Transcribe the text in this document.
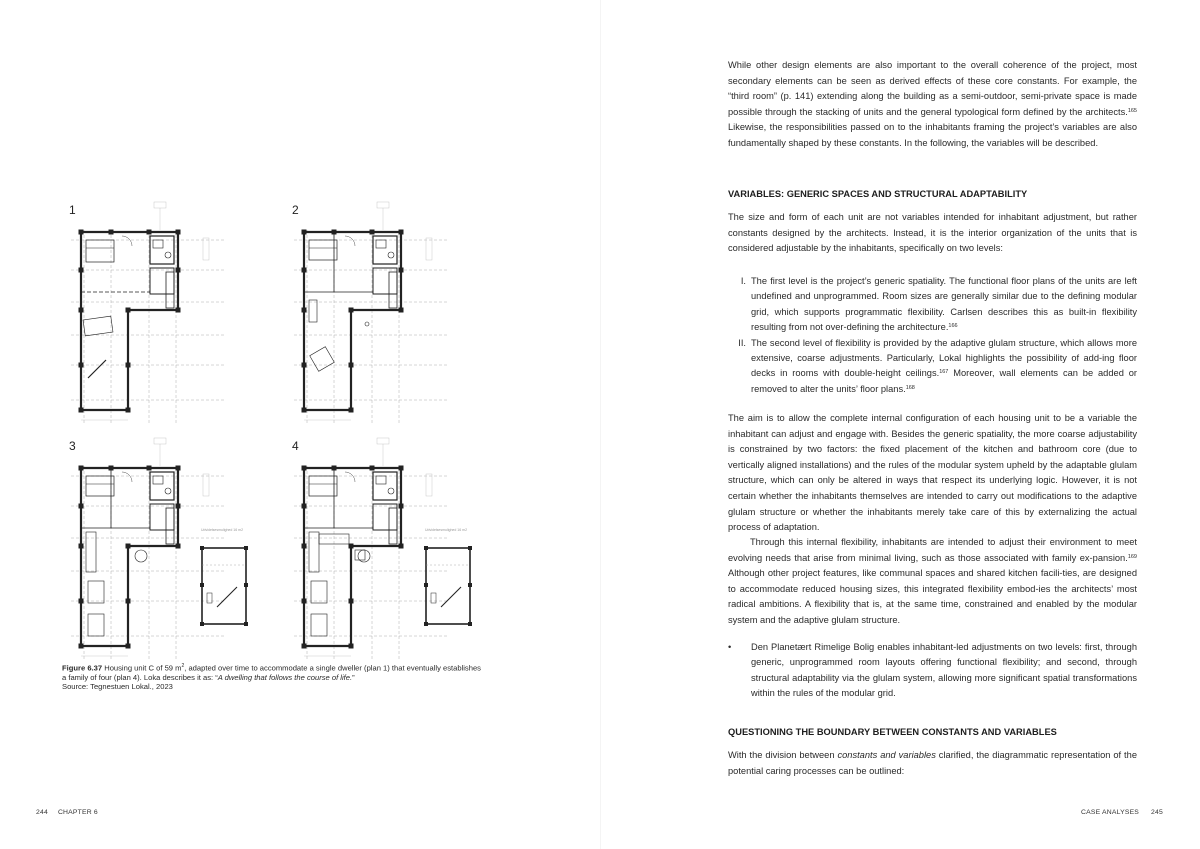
1	2
3	4
Udvidelsesmulighed 16 m2	Udvidelsesmulighed 16 m2
Figure 6.37 Housing unit C of 59 $m^2$, adapted over time to accommodate a single dweller (plan 1) that eventually establishes a family of four (plan 4). Loka describes it as: “A dwelling that follows the course of life.”
Source: Tegnestuen Lokal., 2023
244 CHAPTER 6

While other design elements are also important to the overall coherence of the project, most secondary elements can be seen as derived effects of these core constants. For example, the “third room” (p. 141) extending along the building as a semi-outdoor, semi-private space is made possible through the stacking of units and the general typological form defined by the architects.$^{165}$ Likewise, the responsibilities passed on to the inhabitants framing the project’s variables are also fundamentally shaped by these constants. In the following, the variables will be described.

VARIABLES: GENERIC SPACES AND STRUCTURAL ADAPTABILITY

The size and form of each unit are not variables intended for inhabitant adjustment, but rather constants designed by the architects. Instead, it is the interior organization of the units that is considered adjustable by the inhabitants, specifically on two levels:

I. The first level is the project’s generic spatiality. The functional floor plans of the units are left undefined and unprogrammed. Room sizes are generally similar due to the defining modular grid, which supports programmatic flexibility. Carlsen describes this as built-in flexibility resulting from not over-defining the architecture.$^{166}$
II. The second level of flexibility is provided by the adaptive glulam structure, which allows more extensive, coarse adjustments. Particularly, Lokal highlights the possibility of add-ing floor decks in rooms with double-height ceilings.$^{167}$ Moreover, wall elements can be added or removed to alter the units’ floor plans.$^{168}$

The aim is to allow the complete internal configuration of each housing unit to be a variable the inhabitant can adjust and engage with. Besides the generic spatiality, the more coarse adjustability is constrained by two factors: the fixed placement of the kitchen and bathroom core (due to vertically aligned installations) and the rules of the modular system upheld by the adaptable glulam structure, which can only be altered in ways that respect its underlying logic. However, it is not certain whether the inhabitants themselves are intended to carry out modifications to the adaptive glulam structure or whether the inhabitants merely take care of this by externalizing the actual process of adaptation.

Through this internal flexibility, inhabitants are intended to adjust their environment to meet evolving needs that arise from minimal living, such as those associated with family ex-pansion.$^{169}$ Although other project features, like communal spaces and shared kitchen facili-ties, are designed to accommodate reduced housing sizes, this integrated flexibility embod-ies the architects’ most radical ambitions. A flexibility that is, at the same time, constrained and enabled by the modular system and the adaptive glulam structure.

•	Den Planetært Rimelige Bolig enables inhabitant-led adjustments on two levels: first, through generic, unprogrammed room layouts offering functional flexibility; and second, through structural adaptability via the glulam system, allowing more significant spatial transformations within the rules of the modular grid.
QUESTIONING THE BOUNDARY BETWEEN CONSTANTS AND VARIABLES

With the division between constants and variables clarified, the diagrammatic representation of the potential caring processes can be outlined:

CASE ANALYSES 245
